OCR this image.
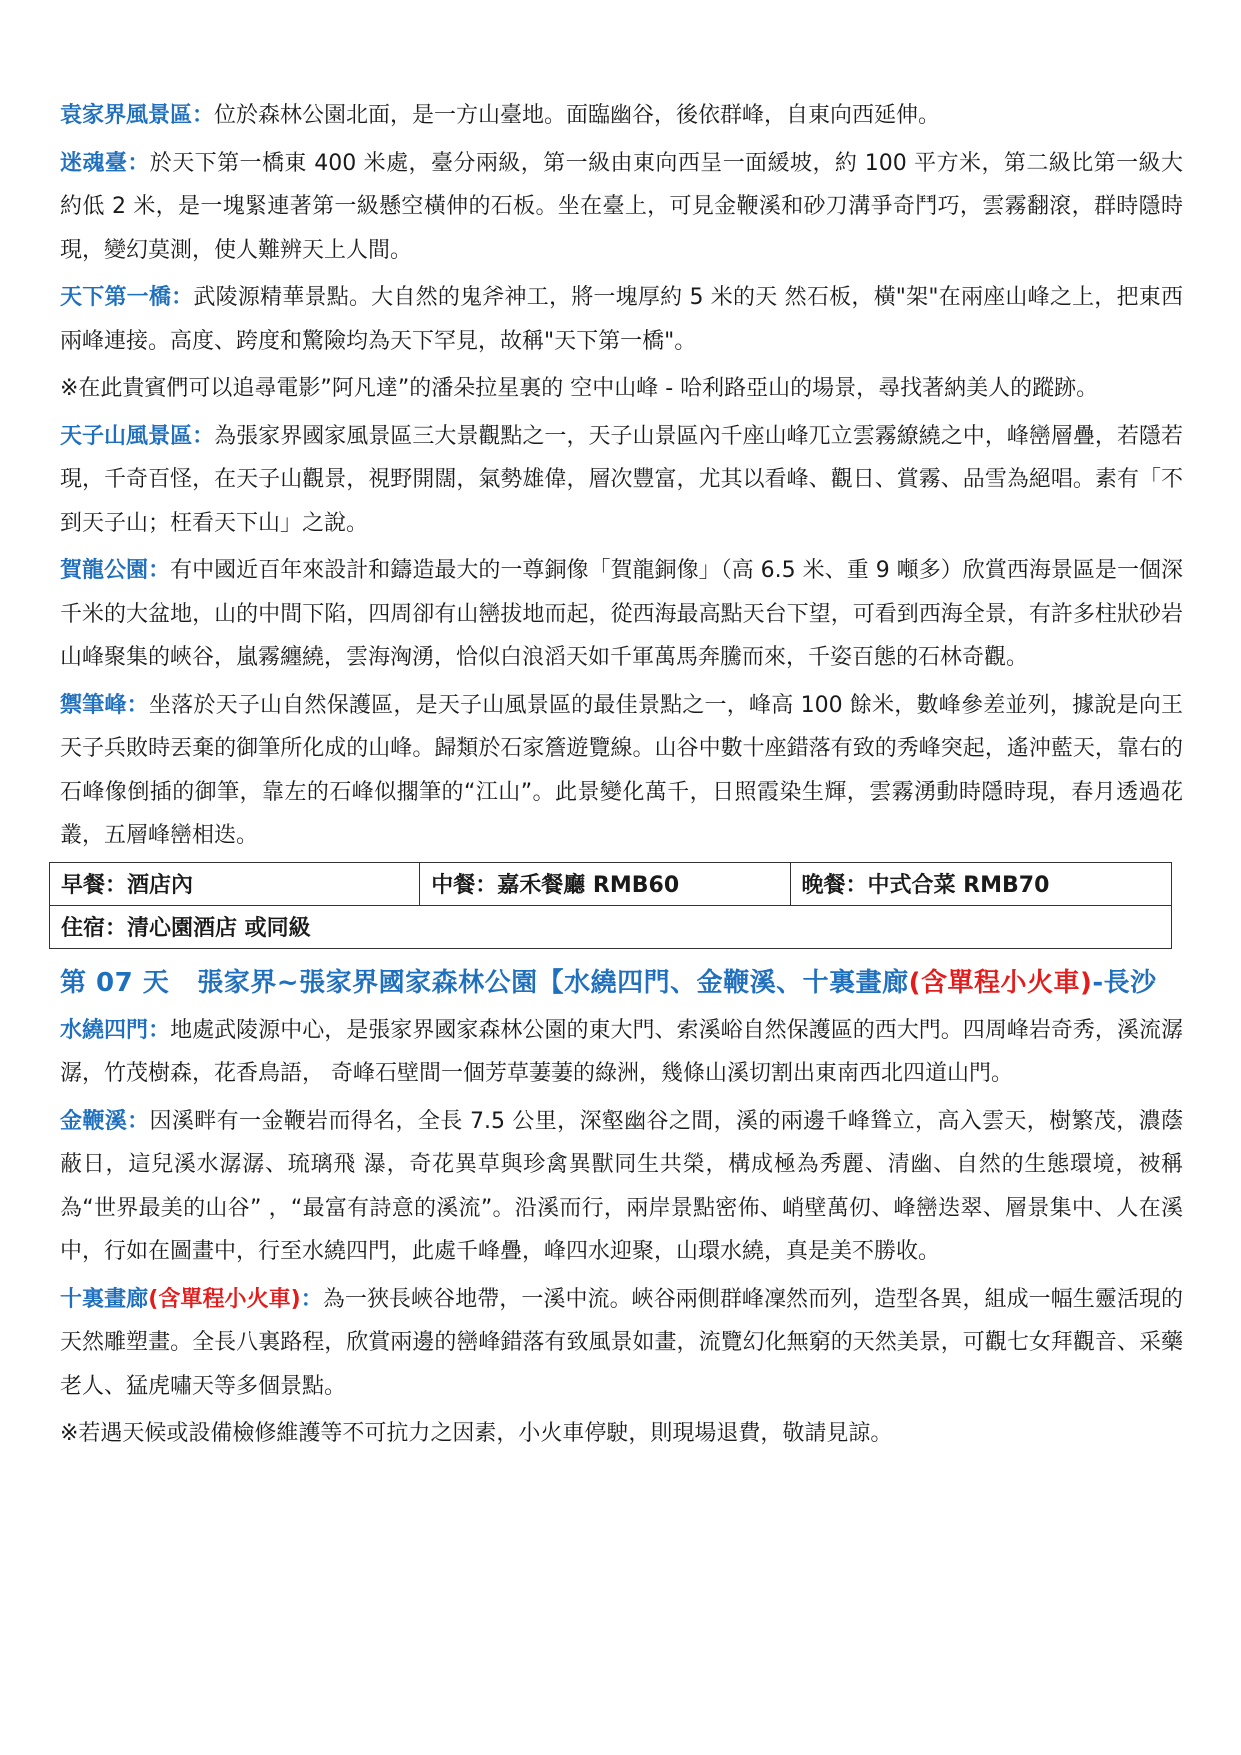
袁家界風景區：位於森林公園北面，是一方山臺地。面臨幽谷，後依群峰，自東向西延伸。

迷魂臺：於天下第一橋東 400 米處，臺分兩級，第一級由東向西呈一面緩坡，約 100 平方米，第二級比第一級大約低 2 米，是一塊緊連著第一級懸空橫伸的石板。坐在臺上，可見金鞭溪和砂刀溝爭奇鬥巧，雲霧翻滾，群時隱時現，變幻莫測，使人難辨天上人間。

天下第一橋：武陵源精華景點。大自然的鬼斧神工，將一塊厚約 5 米的天 然石板，橫"架"在兩座山峰之上，把東西兩峰連接。高度、跨度和驚險均為天下罕見，故稱"天下第一橋"。

※在此貴賓們可以追尋電影”阿凡達”的潘朵拉星裏的 空中山峰 - 哈利路亞山的場景，尋找著納美人的蹤跡。

天子山風景區：為張家界國家風景區三大景觀點之一，天子山景區內千座山峰兀立雲霧繚繞之中，峰巒層疊，若隱若現，千奇百怪，在天子山觀景，視野開闊，氣勢雄偉，層次豐富，尤其以看峰、觀日、賞霧、品雪為絕唱。素有「不到天子山；枉看天下山」之說。

賀龍公園：有中國近百年來設計和鑄造最大的一尊銅像「賀龍銅像」（高 6.5 米、重 9 噸多）欣賞西海景區是一個深千米的大盆地，山的中間下陷，四周卻有山巒拔地而起，從西海最高點天台下望，可看到西海全景，有許多柱狀砂岩山峰聚集的峽谷，嵐霧纏繞，雲海洶湧，恰似白浪滔天如千軍萬馬奔騰而來，千姿百態的石林奇觀。

禦筆峰：坐落於天子山自然保護區，是天子山風景區的最佳景點之一，峰高 100 餘米，數峰參差並列，據說是向王天子兵敗時丟棄的御筆所化成的山峰。歸類於石家簷遊覽線。山谷中數十座錯落有致的秀峰突起，遙沖藍天，靠右的石峰像倒插的御筆，靠左的石峰似擱筆的“江山”。此景變化萬千，日照霞染生輝，雲霧湧動時隱時現，春月透過花叢，五層峰巒相迭。

早餐：酒店內	中餐：嘉禾餐廳 RMB60	晚餐：中式合菜 RMB70
住宿：清心園酒店 或同級
第 07 天 張家界~張家界國家森林公園【水繞四門、金鞭溪、十裏畫廊(含單程小火車)-長沙

水繞四門：地處武陵源中心，是張家界國家森林公園的東大門、索溪峪自然保護區的西大門。四周峰岩奇秀，溪流潺潺，竹茂樹森，花香鳥語， 奇峰石壁間一個芳草萋萋的綠洲，幾條山溪切割出東南西北四道山門。

金鞭溪：因溪畔有一金鞭岩而得名，全長 7.5 公里，深壑幽谷之間，溪的兩邊千峰聳立，高入雲天，樹繁茂，濃蔭蔽日，這兒溪水潺潺、琉璃飛 瀑，奇花異草與珍禽異獸同生共榮，構成極為秀麗、清幽、自然的生態環境，被稱為“世界最美的山谷” ，“最富有詩意的溪流”。沿溪而行，兩岸景點密佈、峭壁萬仞、峰巒迭翠、層景集中、人在溪中，行如在圖畫中，行至水繞四門，此處千峰疊，峰四水迎聚，山環水繞，真是美不勝收。

十裏畫廊(含單程小火車)：為一狹長峽谷地帶，一溪中流。峽谷兩側群峰凜然而列，造型各異，組成一幅生靈活現的天然雕塑畫。全長八裏路程，欣賞兩邊的巒峰錯落有致風景如畫，流覽幻化無窮的天然美景，可觀七女拜觀音、采藥老人、猛虎嘯天等多個景點。

※若遇天候或設備檢修維護等不可抗力之因素，小火車停駛，則現場退費，敬請見諒。
